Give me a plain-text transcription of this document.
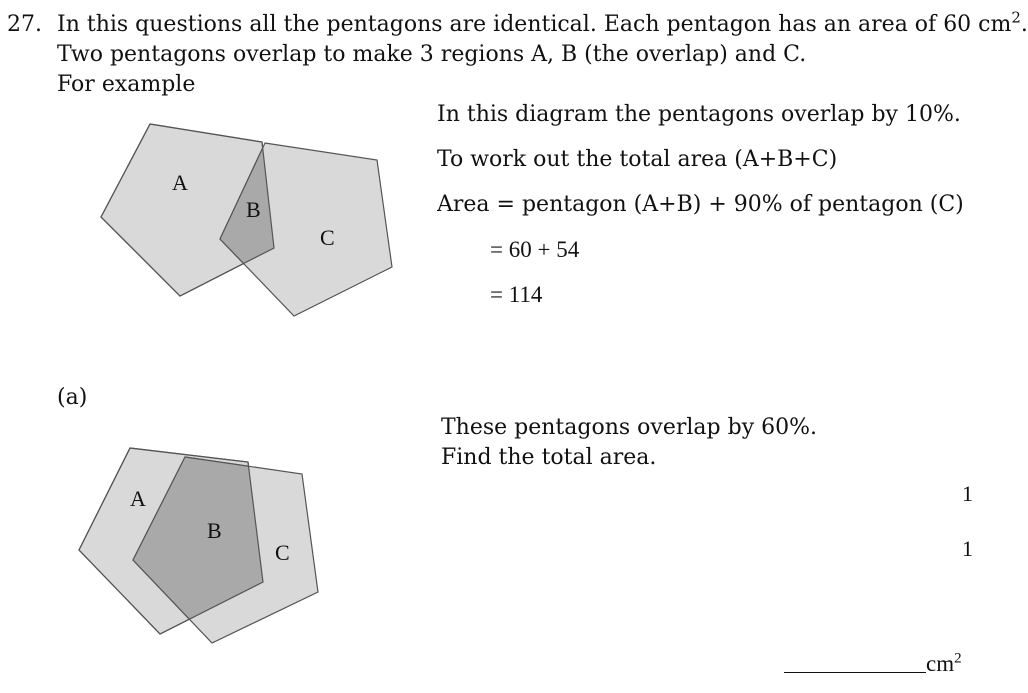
27. In this questions all the pentagons are identical. Each pentagon has an area of 60 $cm^2$.
Two pentagons overlap to make 3 regions A, B (the overlap) and C.
For example
In this diagram the pentagons overlap by 10%.
To work out the total area (A+B+C)
Area = pentagon (A+B) + 90% of pentagon (C)
= 60 + 54
= 114
A
B
C
A
B
C
(a)
These pentagons overlap by 60%.
Find the total area.
1
1
$cm^2$
